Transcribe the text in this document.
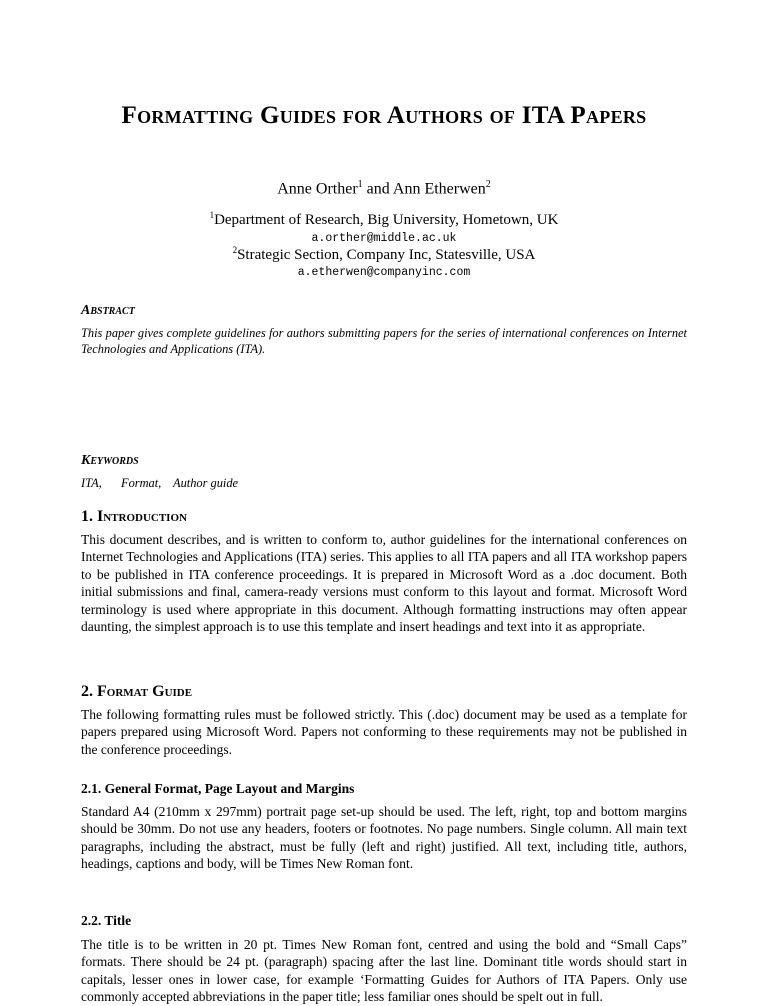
Formatting Guides for Authors of ITA Papers
Anne Orther$^1$ and Ann Etherwen$^2$
$^1$Department of Research, Big University, Hometown, UK
a.orther@middle.ac.uk
$^2$Strategic Section, Company Inc, Statesville, USA
a.etherwen@companyinc.com
Abstract
This paper gives complete guidelines for authors submitting papers for the series of international conferences on Internet Technologies and Applications (ITA).
Keywords
ITA, Format, Author guide
1. Introduction

This document describes, and is written to conform to, author guidelines for the international conferences on Internet Technologies and Applications (ITA) series. This applies to all ITA papers and all ITA workshop papers to be published in ITA conference proceedings. It is prepared in Microsoft Word as a .doc document. Both initial submissions and final, camera-ready versions must conform to this layout and format. Microsoft Word terminology is used where appropriate in this document. Although formatting instructions may often appear daunting, the simplest approach is to use this template and insert headings and text into it as appropriate.

2. Format Guide

The following formatting rules must be followed strictly. This (.doc) document may be used as a template for papers prepared using Microsoft Word. Papers not conforming to these requirements may not be published in the conference proceedings.

2.1. General Format, Page Layout and Margins

Standard A4 (210mm x 297mm) portrait page set-up should be used. The left, right, top and bottom margins should be 30mm. Do not use any headers, footers or footnotes. No page numbers. Single column. All main text paragraphs, including the abstract, must be fully (left and right) justified. All text, including title, authors, headings, captions and body, will be Times New Roman font.

2.2. Title

The title is to be written in 20 pt. Times New Roman font, centred and using the bold and “Small Caps” formats. There should be 24 pt. (paragraph) spacing after the last line. Dominant title words should start in capitals, lesser ones in lower case, for example ‘Formatting Guides for Authors of ITA Papers. Only use commonly accepted abbreviations in the paper title; less familiar ones should be spelt out in full.
